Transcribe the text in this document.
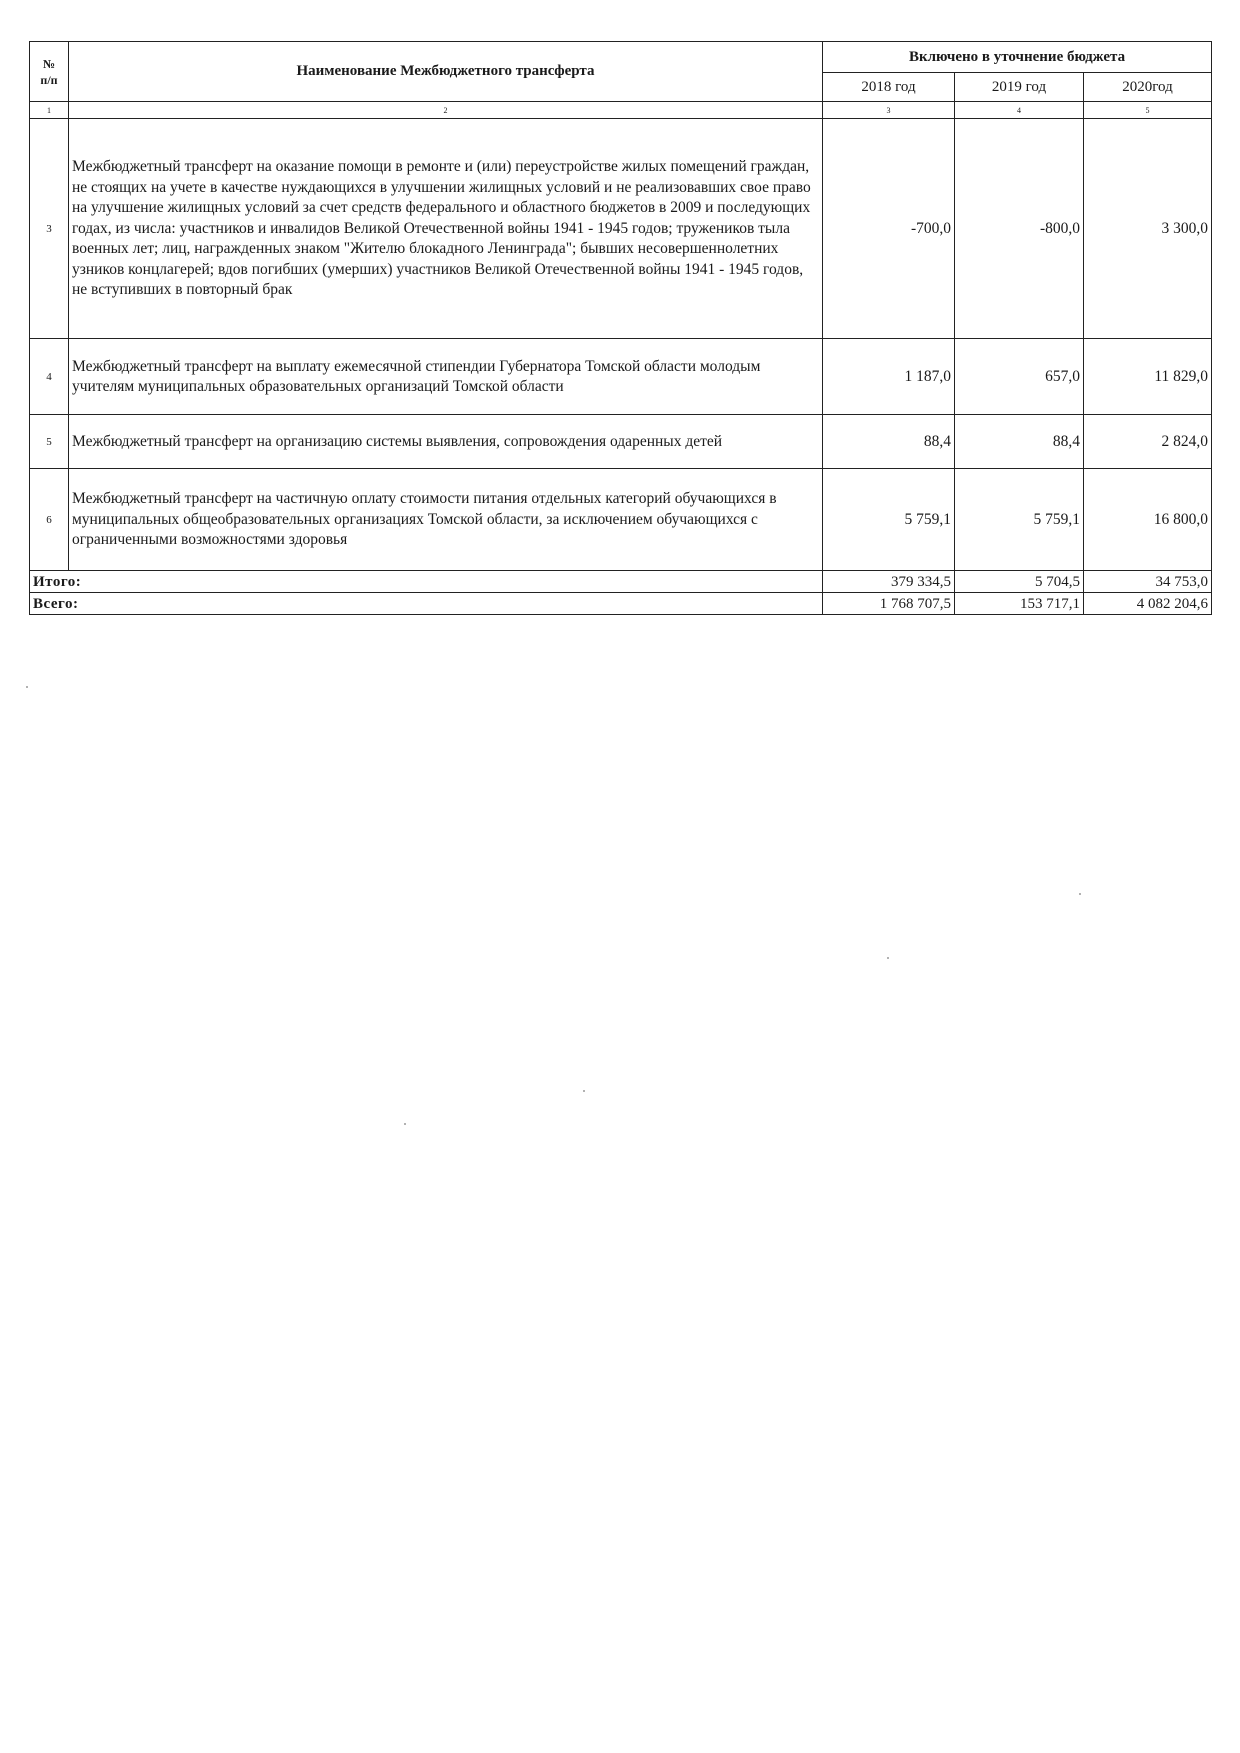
№
п/п	Наименование Межбюджетного трансферта	Включено в уточнение бюджета		
		2018 год	2019 год	2020год
1	2	3	4	5
3	Межбюджетный трансферт на оказание помощи в ремонте и (или) переустройстве жилых помещений граждан, не стоящих на учете в качестве нуждающихся в улучшении жилищных условий и не реализовавших свое право на улучшение жилищных условий за счет средств федерального и областного бюджетов в 2009 и последующих годах, из числа: участников и инвалидов Великой Отечественной войны 1941 - 1945 годов; тружеников тыла военных лет; лиц, награжденных знаком "Жителю блокадного Ленинграда"; бывших несовершеннолетних узников концлагерей; вдов погибших (умерших) участников Великой Отечественной войны 1941 - 1945 годов, не вступивших в повторный брак	-700,0	-800,0	3 300,0
4	Межбюджетный трансферт на выплату ежемесячной стипендии Губернатора Томской области молодым учителям муниципальных образовательных организаций Томской области	1 187,0	657,0	11 829,0
5	Межбюджетный трансферт на организацию системы выявления, сопровождения одаренных детей	88,4	88,4	2 824,0
6	Межбюджетный трансферт на частичную оплату стоимости питания отдельных категорий обучающихся в муниципальных общеобразовательных организациях Томской области, за исключением обучающихся с ограниченными возможностями здоровья	5 759,1	5 759,1	16 800,0
Итого:		379 334,5	5 704,5	34 753,0
Всего:		1 768 707,5	153 717,1	4 082 204,6
